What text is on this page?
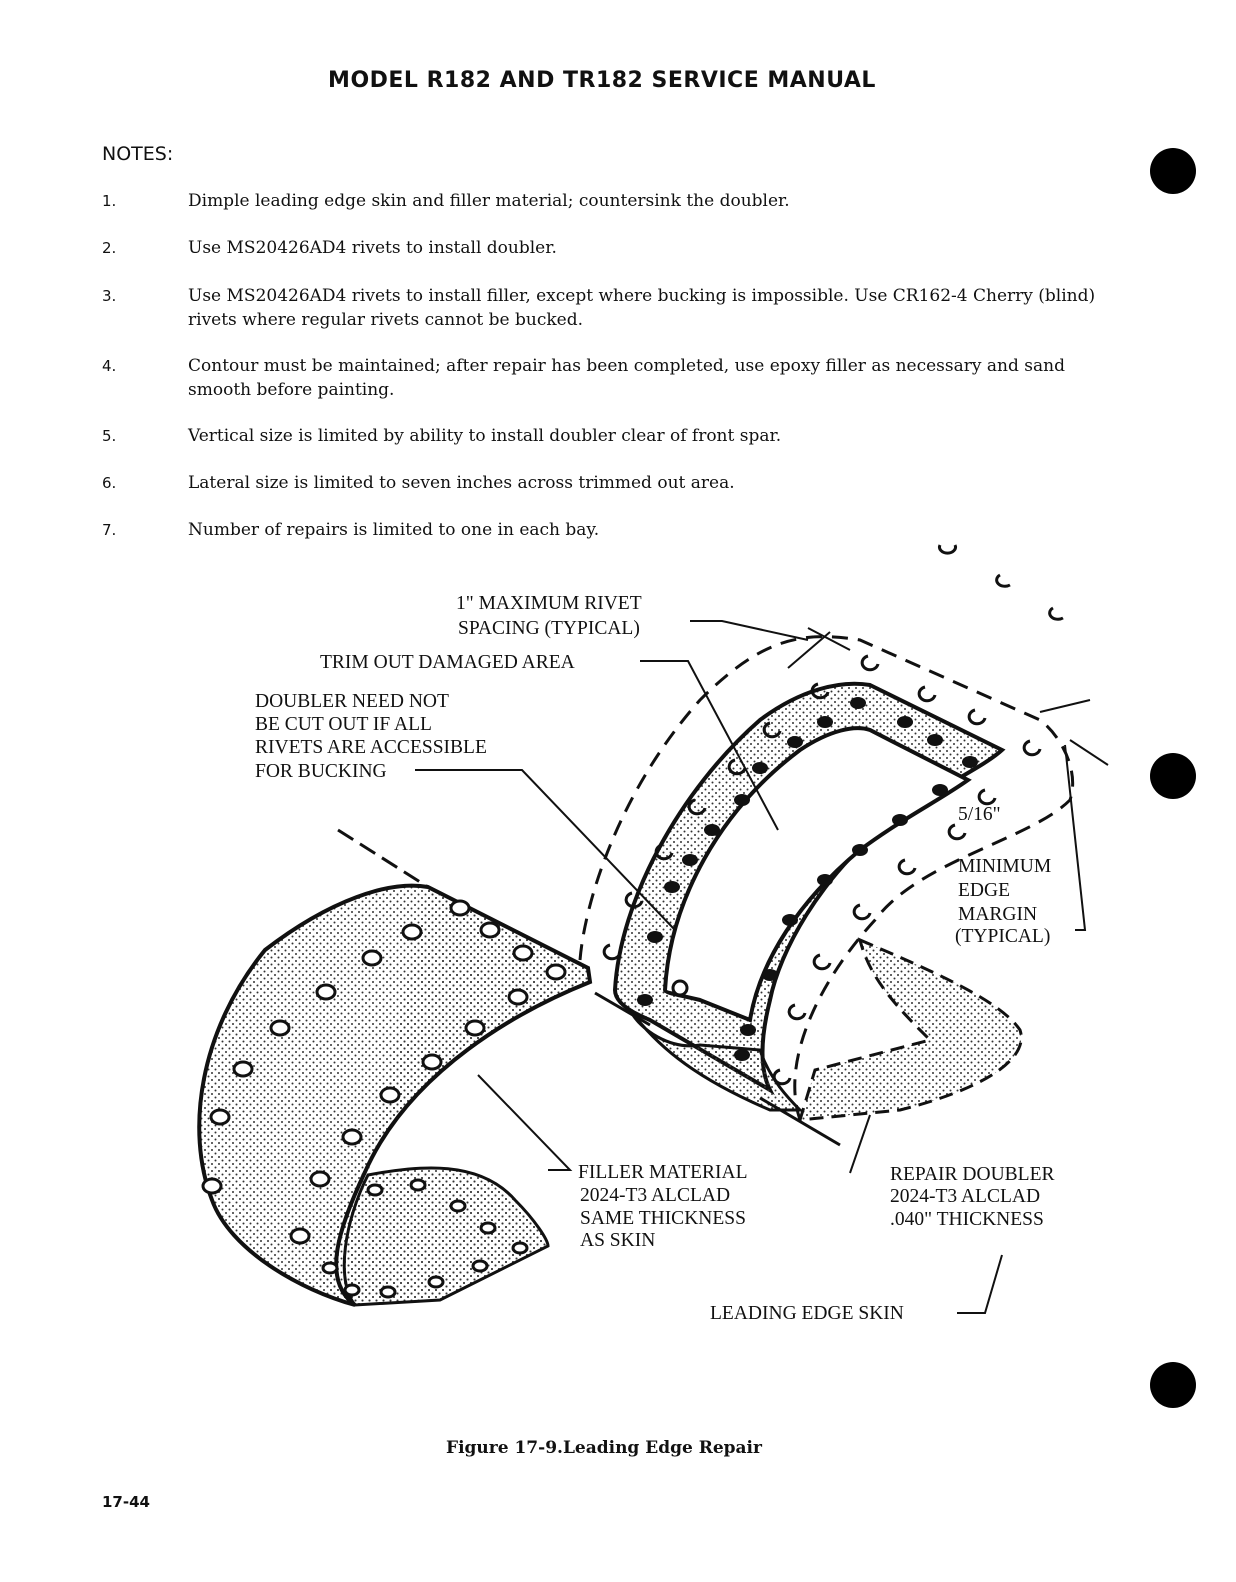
MODEL R182 AND TR182 SERVICE MANUAL
NOTES:
1.	Dimple leading edge skin and filler material; countersink the doubler.
2.	Use MS20426AD4 rivets to install doubler.
3.	Use MS20426AD4 rivets to install filler, except where bucking is impossible. Use CR162-4 Cherry (blind) rivets where regular rivets cannot be bucked.
4.	Contour must be maintained; after repair has been completed, use epoxy filler as necessary and sand smooth before painting.
5.	Vertical size is limited by ability to install doubler clear of front spar.
6.	Lateral size is limited to seven inches across trimmed out area.
7.	Number of repairs is limited to one in each bay.
1" MAXIMUM RIVET
SPACING (TYPICAL)
TRIM OUT DAMAGED AREA
DOUBLER NEED NOT
BE CUT OUT IF ALL
RIVETS ARE ACCESSIBLE
FOR BUCKING
5/16"
MINIMUM
EDGE
MARGIN
(TYPICAL)
FILLER MATERIAL
2024-T3 ALCLAD
SAME THICKNESS
AS SKIN
REPAIR DOUBLER
2024-T3 ALCLAD
.040" THICKNESS
LEADING EDGE SKIN
Figure 17-9.Leading Edge Repair
17-44
